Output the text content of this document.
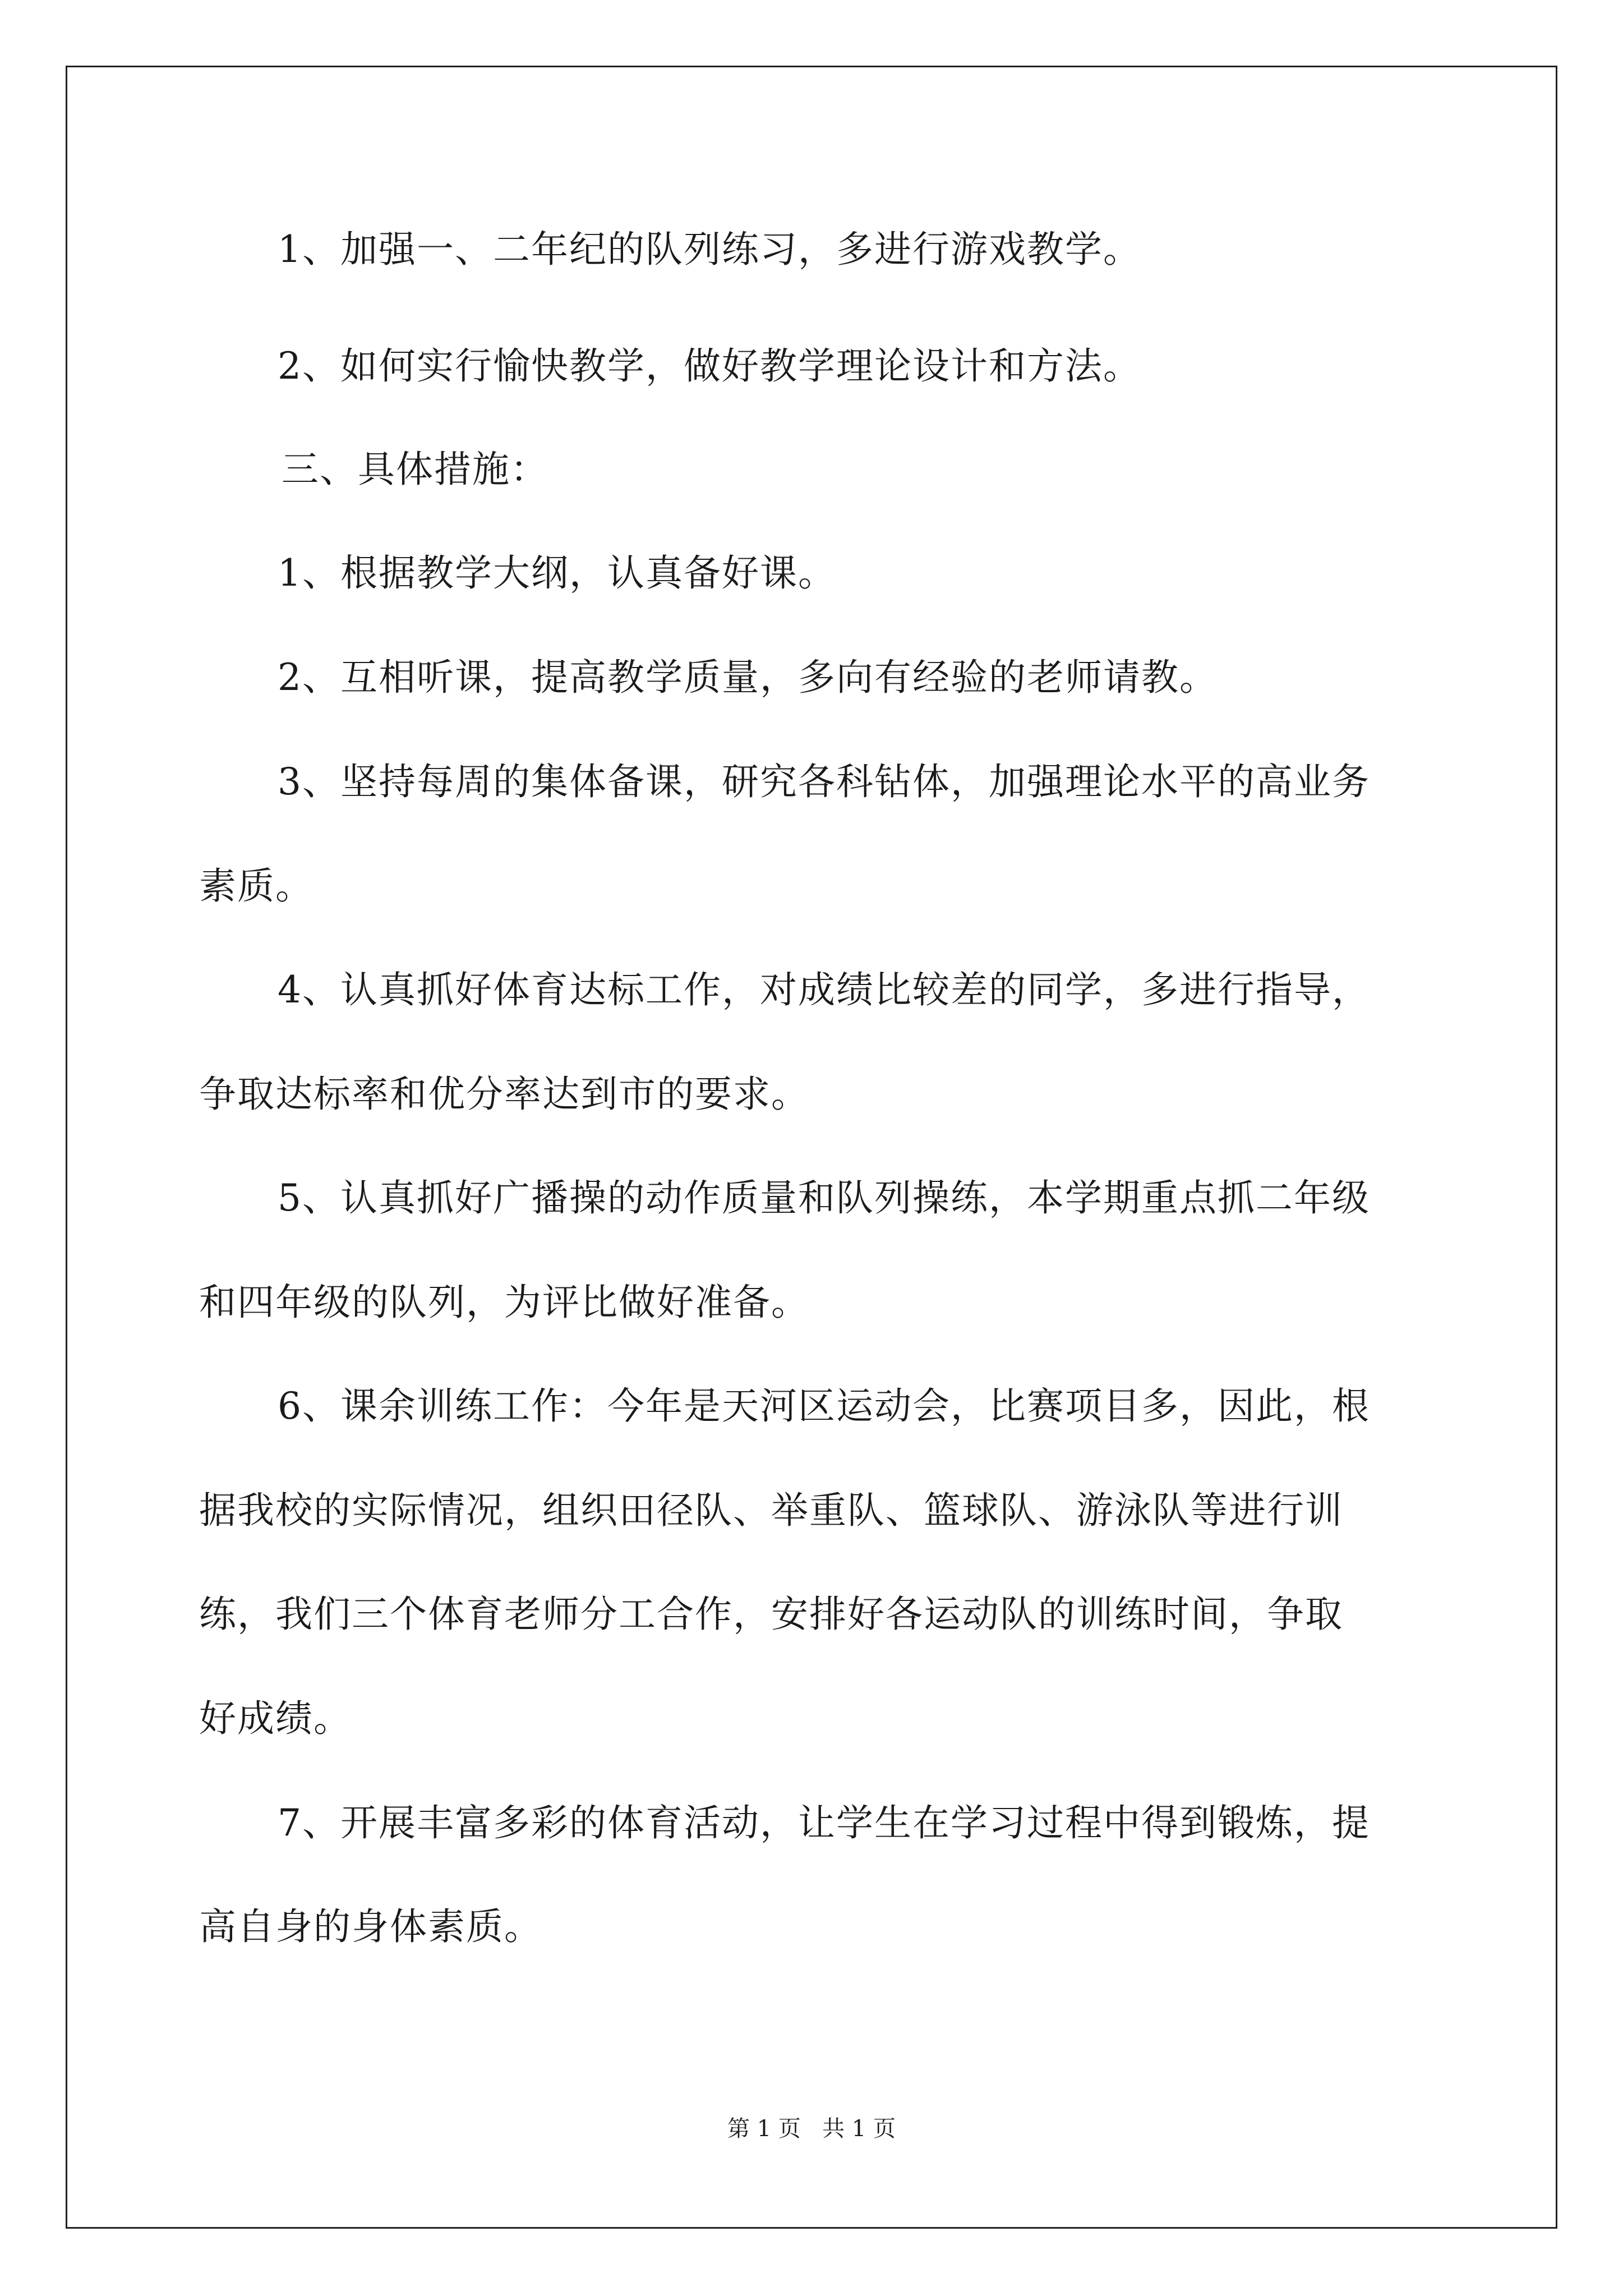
1、加强一、二年纪的队列练习，多进行游戏教学。
2、如何实行愉快教学，做好教学理论设计和方法。
三、具体措施：
1、根据教学大纲，认真备好课。
2、互相听课，提高教学质量，多向有经验的老师请教。
3、坚持每周的集体备课，研究各科钻体，加强理论水平的高业务
素质。
4、认真抓好体育达标工作，对成绩比较差的同学，多进行指导，
争取达标率和优分率达到市的要求。
5、认真抓好广播操的动作质量和队列操练，本学期重点抓二年级
和四年级的队列，为评比做好准备。
6、课余训练工作：今年是天河区运动会，比赛项目多，因此，根
据我校的实际情况，组织田径队、举重队、篮球队、游泳队等进行训
练，我们三个体育老师分工合作，安排好各运动队的训练时间，争取
好成绩。
7、开展丰富多彩的体育活动，让学生在学习过程中得到锻炼，提
高自身的身体素质。
第 1 页   共 1 页
